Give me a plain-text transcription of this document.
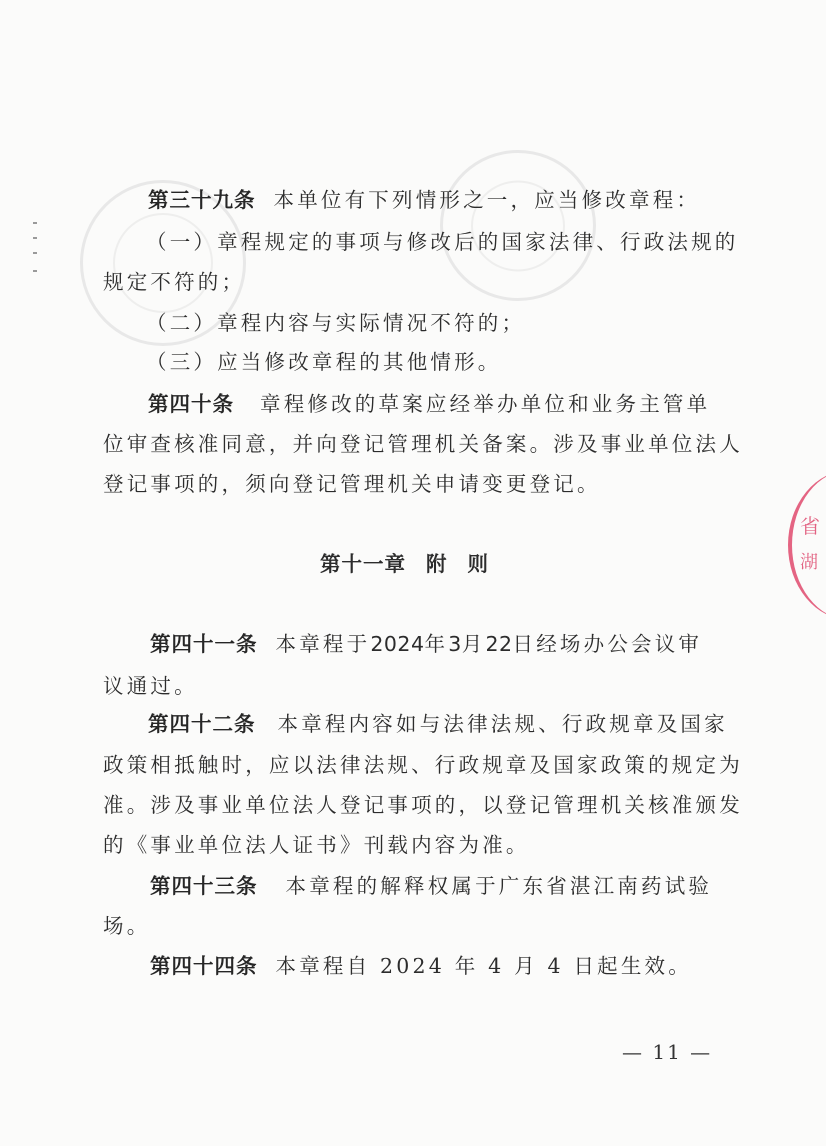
省
湖
第三十九条 本单位有下列情形之一，应当修改章程：
（一）章程规定的事项与修改后的国家法律、行政法规的
规定不符的；
（二）章程内容与实际情况不符的；
（三）应当修改章程的其他情形。
第四十条 章程修改的草案应经举办单位和业务主管单
位审查核准同意，并向登记管理机关备案。涉及事业单位法人
登记事项的，须向登记管理机关申请变更登记。
第十一章 附 则
第四十一条 本章程于2024年3月22日经场办公会议审
议通过。
第四十二条 本章程内容如与法律法规、行政规章及国家
政策相抵触时，应以法律法规、行政规章及国家政策的规定为
准。涉及事业单位法人登记事项的，以登记管理机关核准颁发
的《事业单位法人证书》刊载内容为准。
第四十三条 本章程的解释权属于广东省湛江南药试验
场。
第四十四条 本章程自 2024 年 4 月 4 日起生效。
— 11 —
